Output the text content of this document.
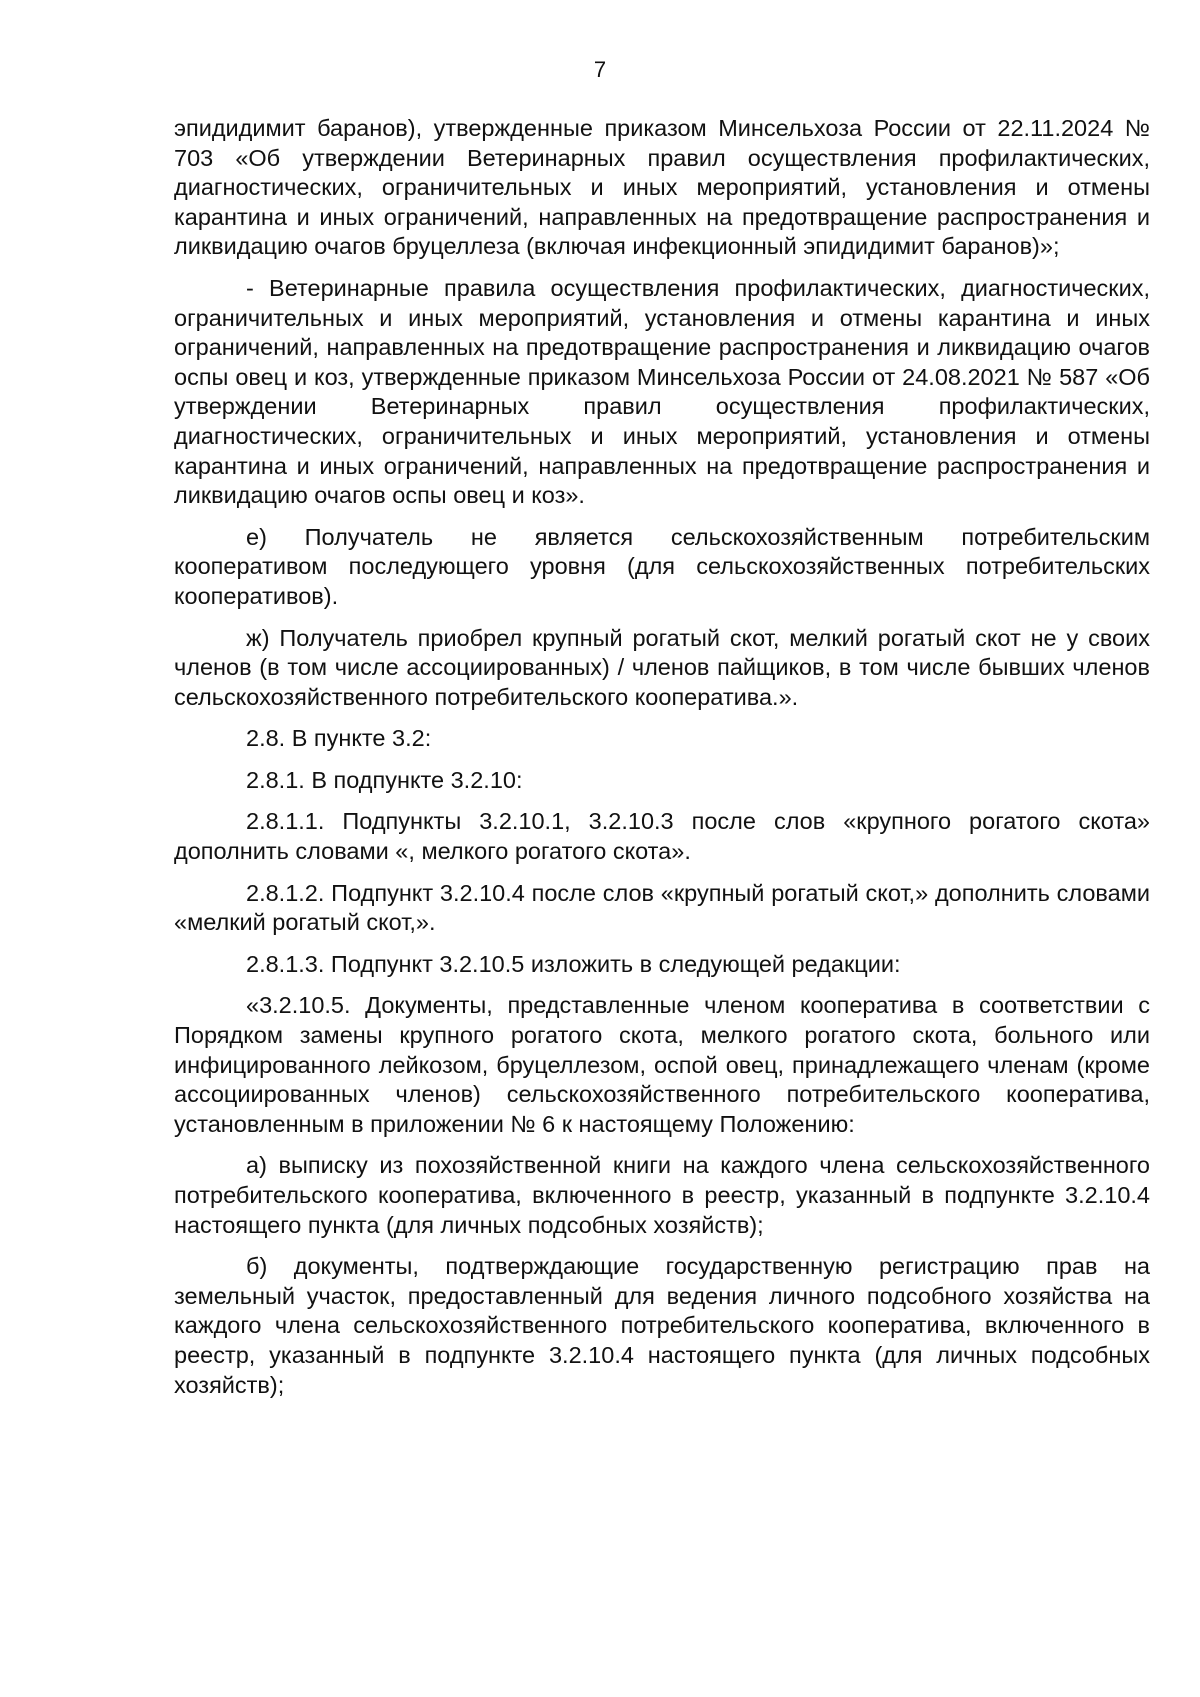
7

эпидидимит баранов), утвержденные приказом Минсельхоза России от 22.11.2024 № 703 «Об утверждении Ветеринарных правил осуществления профилактических, диагностических, ограничительных и иных мероприятий, установления и отмены карантина и иных ограничений, направленных на предотвращение распространения и ликвидацию очагов бруцеллеза (включая инфекционный эпидидимит баранов)»;

- Ветеринарные правила осуществления профилактических, диагностических, ограничительных и иных мероприятий, установления и отмены карантина и иных ограничений, направленных на предотвращение распространения и ликвидацию очагов оспы овец и коз, утвержденные приказом Минсельхоза России от 24.08.2021 № 587 «Об утверждении Ветеринарных правил осуществления профилактических, диагностических, ограничительных и иных мероприятий, установления и отмены карантина и иных ограничений, направленных на предотвращение распространения и ликвидацию очагов оспы овец и коз».

е) Получатель не является сельскохозяйственным потребительским кооперативом последующего уровня (для сельскохозяйственных потребительских кооперативов).

ж) Получатель приобрел крупный рогатый скот, мелкий рогатый скот не у своих членов (в том числе ассоциированных) / членов пайщиков, в том числе бывших членов сельскохозяйственного потребительского кооператива.».

2.8. В пункте 3.2:

2.8.1. В подпункте 3.2.10:

2.8.1.1. Подпункты 3.2.10.1, 3.2.10.3 после слов «крупного рогатого скота» дополнить словами «, мелкого рогатого скота».

2.8.1.2. Подпункт 3.2.10.4 после слов «крупный рогатый скот,» дополнить словами «мелкий рогатый скот,».

2.8.1.3. Подпункт 3.2.10.5 изложить в следующей редакции:

«3.2.10.5. Документы, представленные членом кооператива в соответствии с Порядком замены крупного рогатого скота, мелкого рогатого скота, больного или инфицированного лейкозом, бруцеллезом, оспой овец, принадлежащего членам (кроме ассоциированных членов) сельскохозяйственного потребительского кооператива, установленным в приложении № 6 к настоящему Положению:

а) выписку из похозяйственной книги на каждого члена сельскохозяйственного потребительского кооператива, включенного в реестр, указанный в подпункте 3.2.10.4 настоящего пункта (для личных подсобных хозяйств);

б) документы, подтверждающие государственную регистрацию прав на земельный участок, предоставленный для ведения личного подсобного хозяйства на каждого члена сельскохозяйственного потребительского кооператива, включенного в реестр, указанный в подпункте 3.2.10.4 настоящего пункта (для личных подсобных хозяйств);
